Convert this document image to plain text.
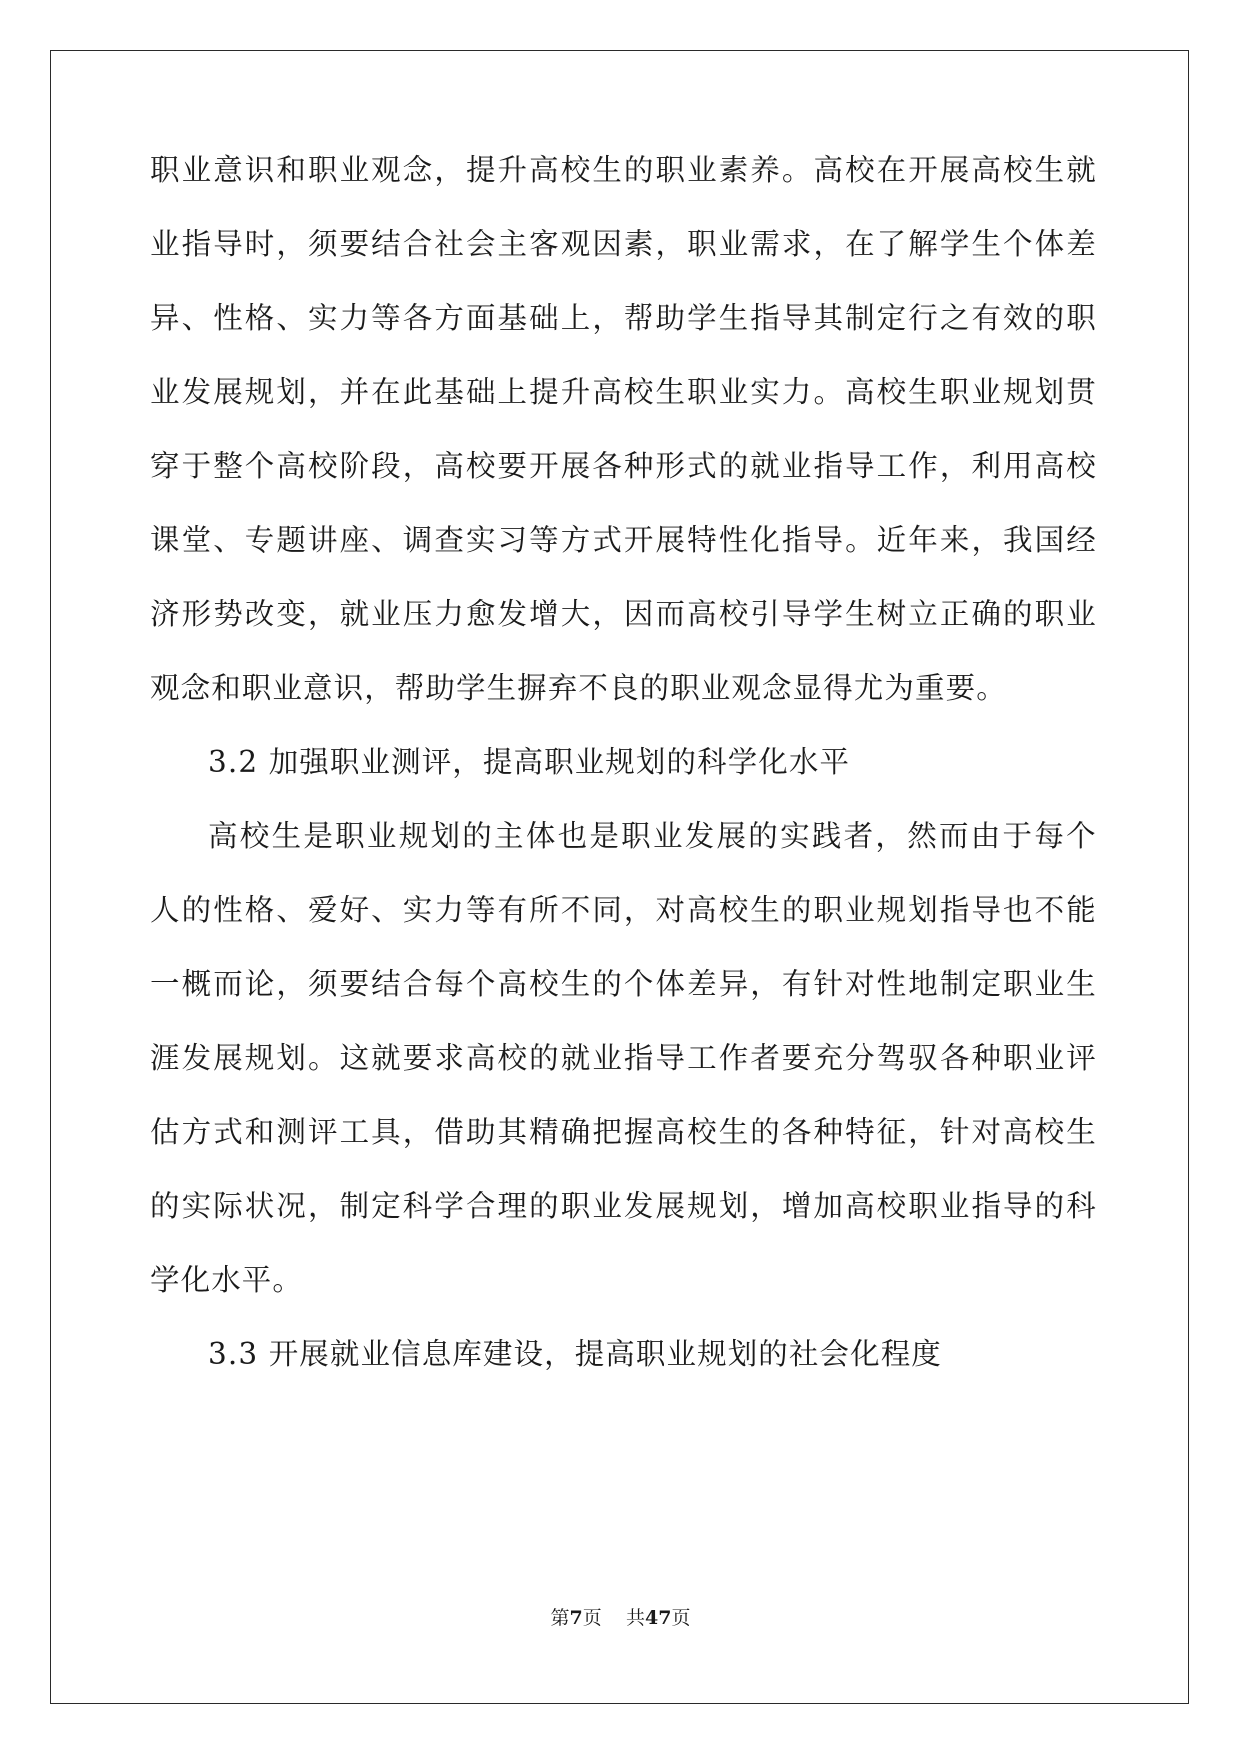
职 业 意 识 和 职 业 观 念 ， 提 升 高 校 生 的 职 业 素 养 。 高 校 在 开 展 高 校 生 就
业 指 导 时 ， 须 要 结 合 社 会 主 客 观 因 素 ， 职 业 需 求 ， 在 了 解 学 生 个 体 差
异 、 性 格 、 实 力 等 各 方 面 基 础 上 ， 帮 助 学 生 指 导 其 制 定 行 之 有 效 的 职
业 发 展 规 划 ， 并 在 此 基 础 上 提 升 高 校 生 职 业 实 力 。 高 校 生 职 业 规 划 贯
穿 于 整 个 高 校 阶 段 ， 高 校 要 开 展 各 种 形 式 的 就 业 指 导 工 作 ， 利 用 高 校
课 堂 、 专 题 讲 座 、 调 查 实 习 等 方 式 开 展 特 性 化 指 导 。 近 年 来 ， 我 国 经
济 形 势 改 变 ， 就 业 压 力 愈 发 增 大 ， 因 而 高 校 引 导 学 生 树 立 正 确 的 职 业
观念和职业意识，帮助学生摒弃不良的职业观念显得尤为重要。
3.2 加强职业测评，提高职业规划的科学化水平
高 校 生 是 职 业 规 划 的 主 体 也 是 职 业 发 展 的 实 践 者 ， 然 而 由 于 每 个
人 的 性 格 、 爱 好 、 实 力 等 有 所 不 同 ， 对 高 校 生 的 职 业 规 划 指 导 也 不 能
一 概 而 论 ， 须 要 结 合 每 个 高 校 生 的 个 体 差 异 ， 有 针 对 性 地 制 定 职 业 生
涯 发 展 规 划 。 这 就 要 求 高 校 的 就 业 指 导 工 作 者 要 充 分 驾 驭 各 种 职 业 评
估 方 式 和 测 评 工 具 ， 借 助 其 精 确 把 握 高 校 生 的 各 种 特 征 ， 针 对 高 校 生
的 实 际 状 况 ， 制 定 科 学 合 理 的 职 业 发 展 规 划 ， 增 加 高 校 职 业 指 导 的 科
学化水平。
3.3 开展就业信息库建设，提高职业规划的社会化程度
第7页 共47页
